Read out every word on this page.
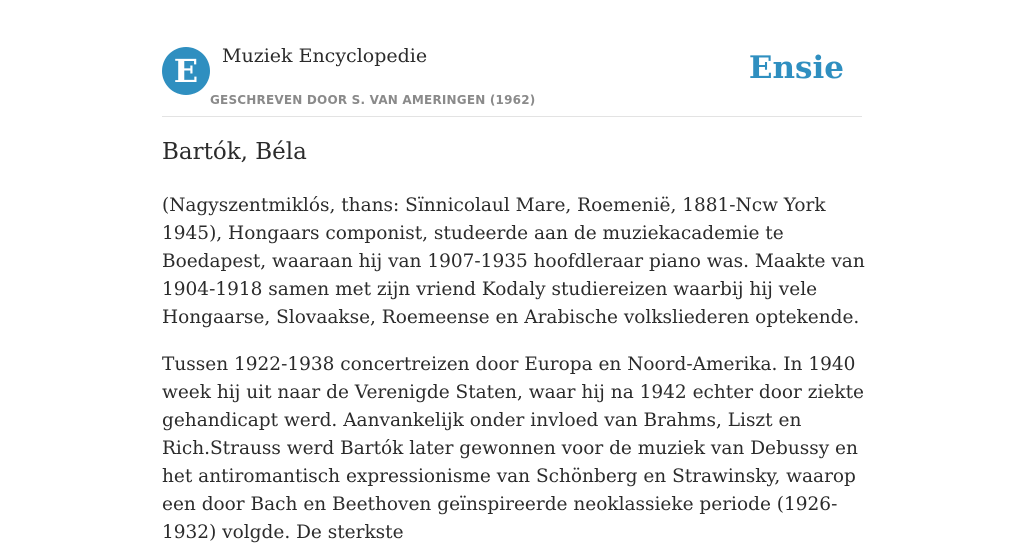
E	Muziek Encyclopedie
GESCHREVEN DOOR S. VAN AMERINGEN (1962)
Ensie
Bartók, Béla

(Nagyszentmiklós, thans: Sïnnicolaul Mare, Roemenië, 1881-Ncw York 1945), Hongaars componist, studeerde aan de muziekacademie te Boedapest, waaraan hij van 1907-1935 hoofdleraar piano was. Maakte van 1904-1918 samen met zijn vriend Kodaly studiereizen waarbij hij vele Hongaarse, Slovaakse, Roemeense en Arabische volksliederen optekende.

Tussen 1922-1938 concertreizen door Europa en Noord-Amerika. In 1940 week hij uit naar de Verenigde Staten, waar hij na 1942 echter door ziekte gehandicapt werd. Aanvankelijk onder invloed van Brahms, Liszt en Rich.Strauss werd Bartók later gewonnen voor de muziek van Debussy en het antiromantisch expressionisme van Schönberg en Strawinsky, waarop een door Bach en Beethoven geïnspireerde neoklassieke periode (1926-1932) volgde. De sterkste
